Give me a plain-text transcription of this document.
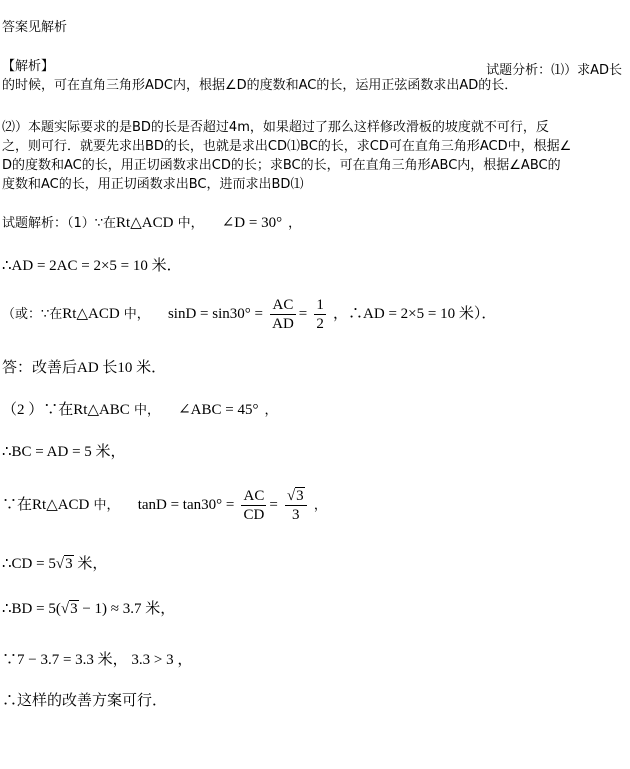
答案见解析
【解析】	试题分析：⑴）求AD长
的时候，可在直角三角形ADC内，根据∠D的度数和AC的长，运用正弦函数求出AD的长．
⑵）本题实际要求的是BD的长是否超过4m，如果超过了那么这样修改滑板的坡度就不可行，反
之，则可行．就要先求出BD的长，也就是求出CD⑴BC的长，求CD可在直角三角形ACD中，根据∠
D的度数和AC的长，用正切函数求出CD的长；求BC的长，可在直角三角形ABC内，根据∠ABC的
度数和AC的长，用正切函数求出BC，进而求出BD⑴
试题解析：（1）∵在Rt△ACD 中， ∠D = 30° ，
∴AD = 2AC = 2×5 = 10 米．
（或：∵在Rt△ACD 中， $\sin D = \sin 30^\circ = \frac{AC}{AD} = \frac{1}{2}$ ，∴AD = 2×5 = 10 米）．
答：改善后AD 长10 米．
（2 ）∵在Rt△ABC 中， ∠ABC = 45° ，
∴BC = AD = 5 米，
∵在Rt△ACD 中， $\tan D = \tan 30^\circ = \frac{AC}{CD} = \frac{√3}{3}$ ，
∴CD = 5√3 米，
∴BD = 5(√3 − 1) ≈ 3.7 米，
∵7 − 3.7 = 3.3 米， 3.3 > 3 ，
∴这样的改善方案可行．
